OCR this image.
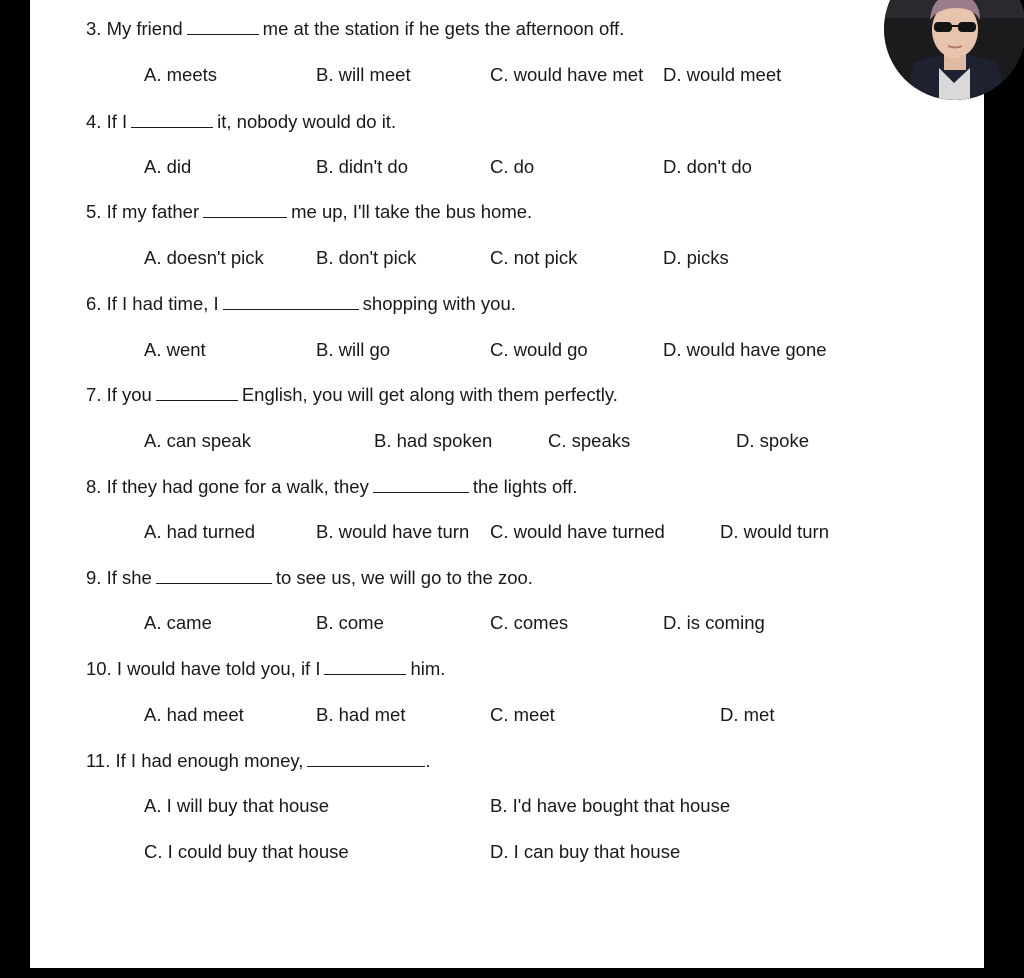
3. My friend	me at the station if he gets the afternoon off.
A. meets	B. will meet	C. would have met D. would meet
4. If I	it, nobody would do it.
A. did	B. didn't do	C. do	D. don't do
5. If my father	me up, I'll take the bus home.
A. doesn't pick	B. don't pick	C. not pick	D. picks
6. If I had time, I	shopping with you.
A. went	B. will go	C. would go	D. would have gone
7. If you	English, you will get along with them perfectly.
A. can speak	B. had spoken	C. speaks	D. spoke
8. If they had gone for a walk, they	the lights off.
A. had turned	B. would have turn C. would have turned	D. would turn
9. If she	to see us, we will go to the zoo.
A. came	B. come	C. comes	D. is coming
10. I would have told you, if I	him.
A. had meet	B. had met	C. meet	D. met
11. If I had enough money,	.
A. I will buy that house	B. I'd have bought that house
C. I could buy that house	D. I can buy that house
